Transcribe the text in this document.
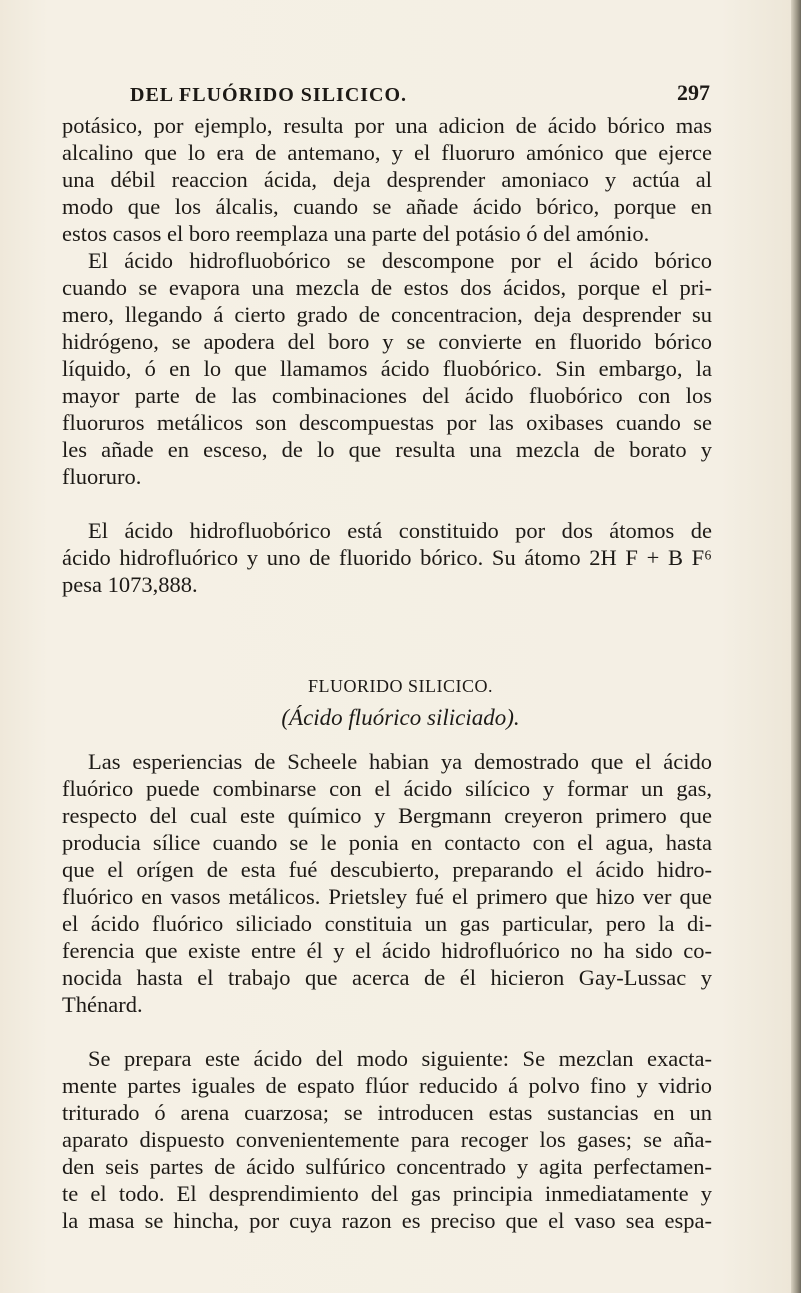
DEL FLUÓRIDO SILICICO.	297
potásico, por ejemplo, resulta por una adicion de ácido bórico mas
alcalino que lo era de antemano, y el fluoruro amónico que ejerce
una débil reaccion ácida, deja desprender amoniaco y actúa al
modo que los álcalis, cuando se añade ácido bórico, porque en
estos casos el boro reemplaza una parte del potásio ó del amónio.
El ácido hidrofluobórico se descompone por el ácido bórico
cuando se evapora una mezcla de estos dos ácidos, porque el pri-
mero, llegando á cierto grado de concentracion, deja desprender su
hidrógeno, se apodera del boro y se convierte en fluorido bórico
líquido, ó en lo que llamamos ácido fluobórico. Sin embargo, la
mayor parte de las combinaciones del ácido fluobórico con los
fluoruros metálicos son descompuestas por las oxibases cuando se
les añade en esceso, de lo que resulta una mezcla de borato y
fluoruro.
El ácido hidrofluobórico está constituido por dos átomos de
ácido hidrofluórico y uno de fluorido bórico. Su átomo 2H F + B F⁶
pesa 1073,888.
FLUORIDO SILICICO.
(Ácido fluórico siliciado).
Las esperiencias de Scheele habian ya demostrado que el ácido
fluórico puede combinarse con el ácido silícico y formar un gas,
respecto del cual este químico y Bergmann creyeron primero que
producia sílice cuando se le ponia en contacto con el agua, hasta
que el orígen de esta fué descubierto, preparando el ácido hidro-
fluórico en vasos metálicos. Prietsley fué el primero que hizo ver que
el ácido fluórico siliciado constituia un gas particular, pero la di-
ferencia que existe entre él y el ácido hidrofluórico no ha sido co-
nocida hasta el trabajo que acerca de él hicieron Gay-Lussac y
Thénard.
Se prepara este ácido del modo siguiente: Se mezclan exacta-
mente partes iguales de espato flúor reducido á polvo fino y vidrio
triturado ó arena cuarzosa; se introducen estas sustancias en un
aparato dispuesto convenientemente para recoger los gases; se aña-
den seis partes de ácido sulfúrico concentrado y agita perfectamen-
te el todo. El desprendimiento del gas principia inmediatamente y
la masa se hincha, por cuya razon es preciso que el vaso sea espa-
